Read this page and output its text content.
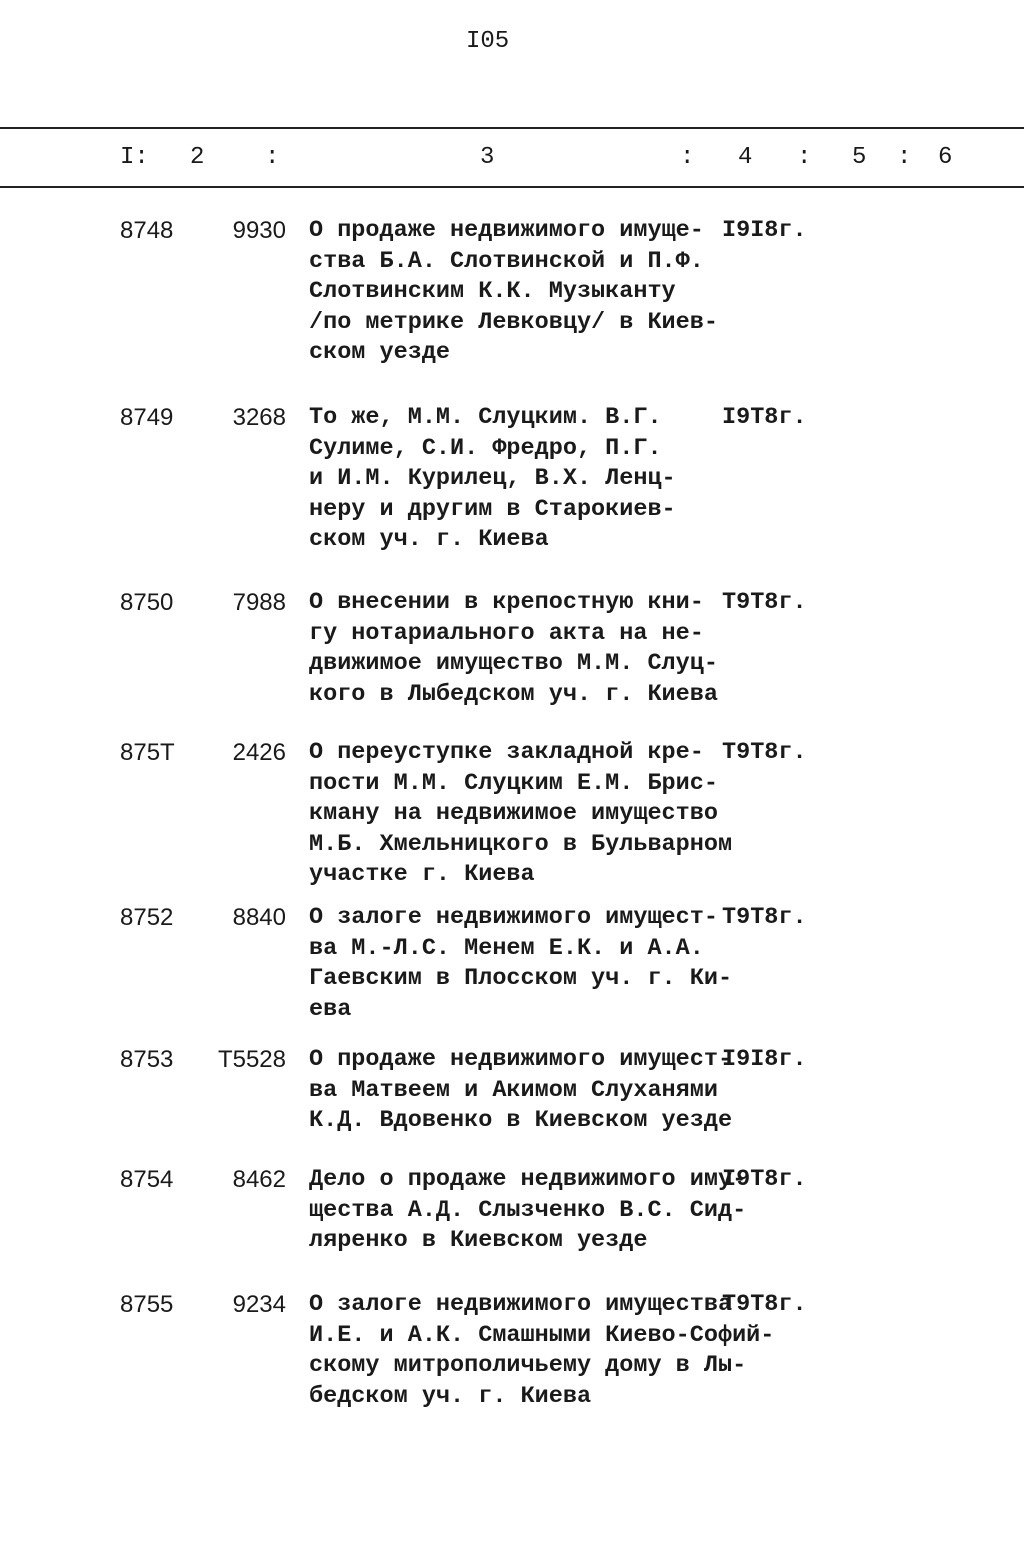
I05
I: 2	:	3	: 4 : 5 : 6
8748 9930 О продаже недвижимого имуще-
ства Б.А. Слотвинской и П.Ф.
Слотвинским К.К. Музыканту
/по метрике Левковцу/ в Киев-
ском уезде
I9I8г.
8749 3268 То же, М.М. Слуцким. В.Г.
Сулиме, С.И. Фредро, П.Г.
и И.М. Курилец, В.Х. Ленц-
неру и другим в Старокиев-
ском уч. г. Киева
I9T8г.
8750 7988 О внесении в крепостную кни-
гу нотариального акта на не-
движимое имущество М.М. Слуц-
кого в Лыбедском уч. г. Киева
T9T8г.
875T 2426 О переуступке закладной кре-
пости М.М. Слуцким Е.М. Брис-
кману на недвижимое имущество
М.Б. Хмельницкого в Бульварном
участке г. Киева
T9T8г.
8752 8840 О залоге недвижимого имущест-
ва М.-Л.С. Менем Е.К. и А.А.
Гаевским в Плосском уч. г. Ки-
ева
T9T8г.
8753 T5528 О продаже недвижимого имущест-
ва Матвеем и Акимом Слуханями
К.Д. Вдовенко в Киевском уезде
I9I8г.
8754 8462 Дело о продаже недвижимого иму-
щества А.Д. Слызченко В.С. Сид-
ляренко в Киевском уезде
I9T8г.
8755 9234 О залоге недвижимого имущества
И.Е. и А.К. Смашными Киево-Софий-
скому митрополичьему дому в Лы-
бедском уч. г. Киева
T9T8г.
